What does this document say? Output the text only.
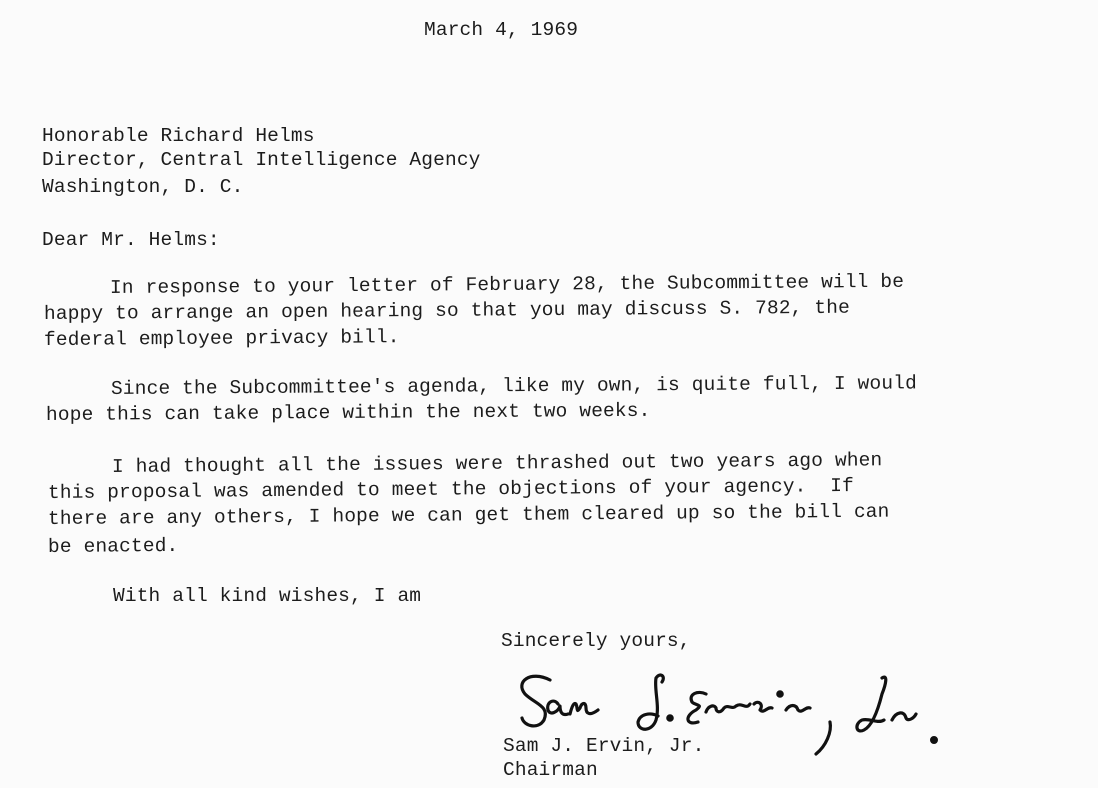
March 4, 1969
Honorable Richard Helms
Director, Central Intelligence Agency
Washington, D. C.
Dear Mr. Helms:
In response to your letter of February 28, the Subcommittee will be
happy to arrange an open hearing so that you may discuss S. 782, the
federal employee privacy bill.
Since the Subcommittee's agenda, like my own, is quite full, I would
hope this can take place within the next two weeks.
I had thought all the issues were thrashed out two years ago when
this proposal was amended to meet the objections of your agency.  If
there are any others, I hope we can get them cleared up so the bill can
be enacted.
With all kind wishes, I am
Sincerely yours,
Sam J. Ervin, Jr.
Chairman
